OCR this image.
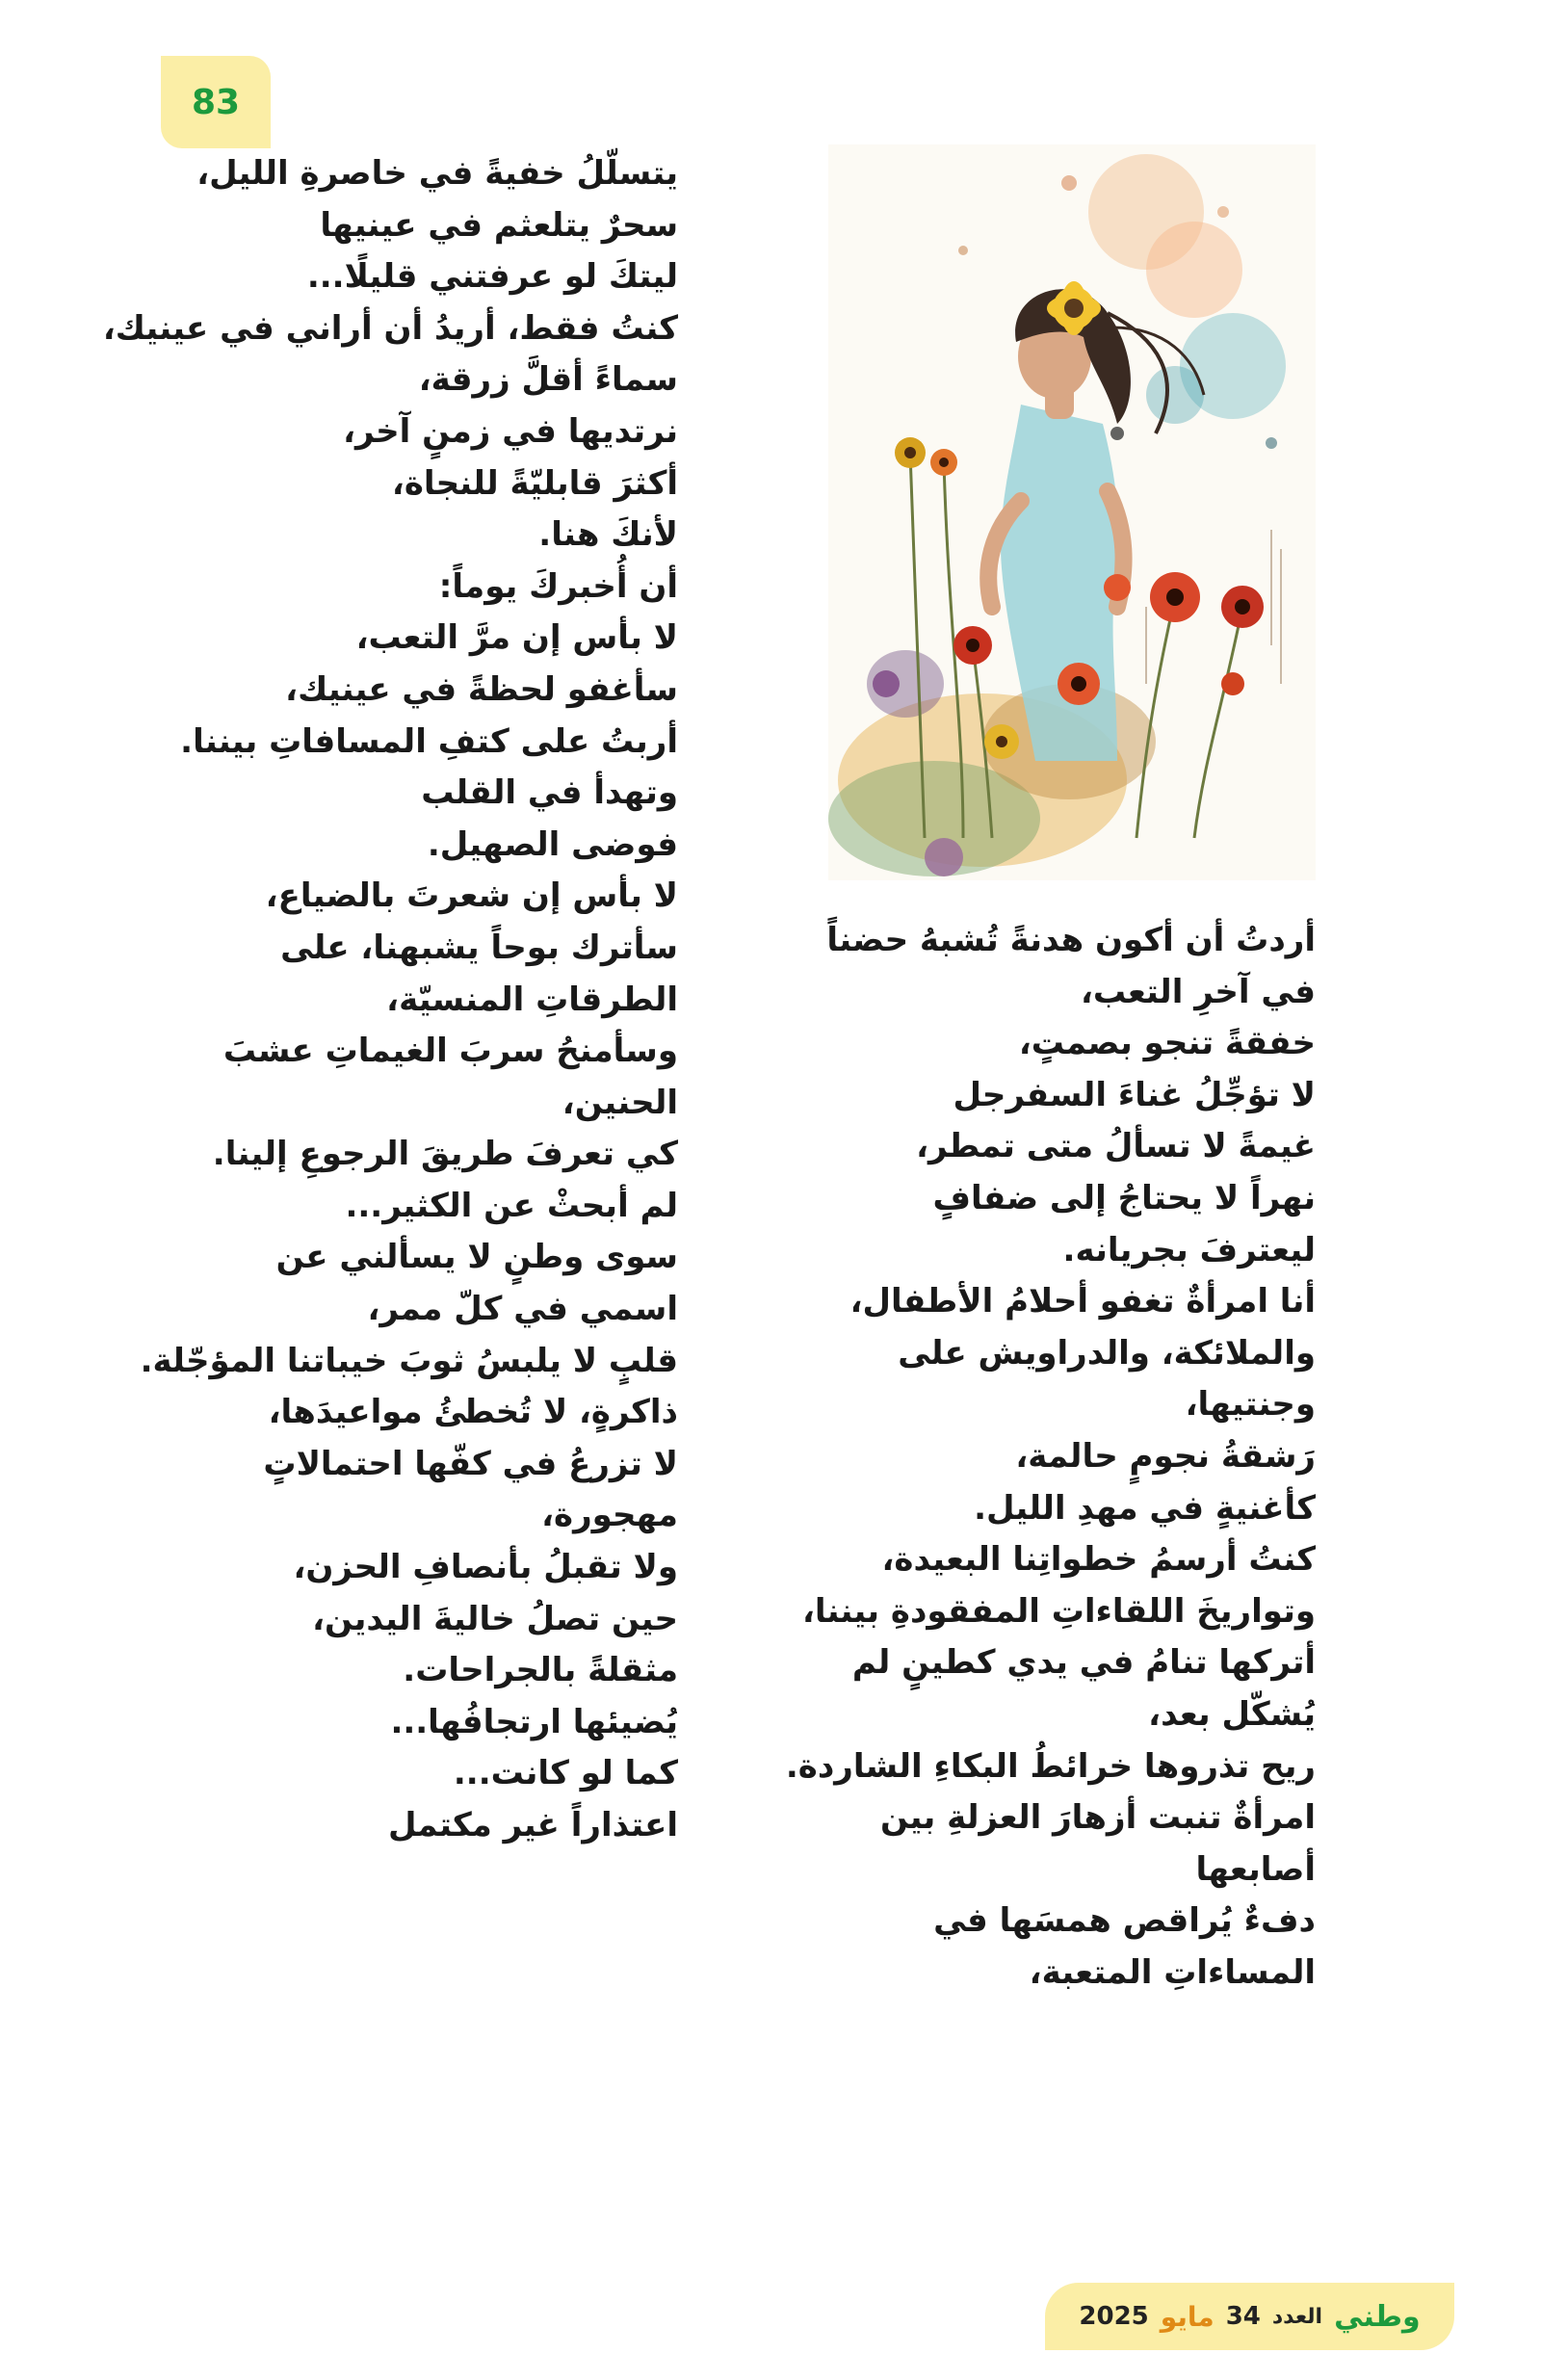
83
يتسلّلُ خفيةً في خاصرةِ الليل،
سحرٌ يتلعثم في عينيها
ليتكَ لو عرفتني قليلًا...
كنتُ فقط، أريدُ أن أراني في عينيك،
سماءً أقلَّ زرقة،
نرتديها في زمنٍ آخر،
أكثرَ قابليّةً للنجاة،
لأنكَ هنا.
أن أُخبركَ يوماً:
لا بأس إن مرَّ التعب،
سأغفو لحظةً في عينيك،
أربتُ على كتفِ المسافاتِ بيننا.
وتهدأ في القلب
فوضى الصهيل.
لا بأس إن شعرتَ بالضياع،
سأترك بوحاً يشبهنا، على الطرقاتِ المنسيّة،
وسأمنحُ سربَ الغيماتِ عشبَ الحنين،
كي تعرفَ طريقَ الرجوعِ إلينا.
لم أبحثْ عن الكثير...
سوى وطنٍ لا يسألني عن اسمي في كلّ ممر،
قلبٍ لا يلبسُ ثوبَ خيباتنا المؤجّلة.
ذاكرةٍ، لا تُخطئُ مواعيدَها،
لا تزرعُ في كفّها احتمالاتٍ مهجورة،
ولا تقبلُ بأنصافِ الحزن،
حين تصلُ خاليةَ اليدين،
مثقلةً بالجراحات.
يُضيئها ارتجافُها...
كما لو كانت...
اعتذاراً غير مكتمل
أردتُ أن أكون هدنةً تُشبهُ حضناً في آخرِ التعب،
خفقةً تنجو بصمتٍ،
لا تؤجِّلُ غناءَ السفرجل
غيمةً لا تسألُ متى تمطر،
نهراً لا يحتاجُ إلى ضفافٍ ليعترفَ بجريانه.
أنا امرأةٌ تغفو أحلامُ الأطفال، والملائكة، والدراويش على وجنتيها،
رَشقةُ نجومٍ حالمة،
كأغنيةٍ في مهدِ الليل.
كنتُ أرسمُ خطواتِنا البعيدة،
وتواريخَ اللقاءاتِ المفقودةِ بيننا،
أتركها تنامُ في يدي كطينٍ لم يُشكّل بعد،
ريح تذروها خرائطُ البكاءِ الشاردة.
امرأةٌ تنبت أزهارَ العزلةِ بين أصابعها
دفءٌ يُراقص همسَها في المساءاتِ المتعبة،
وطني
العدد
34
مايو
2025
